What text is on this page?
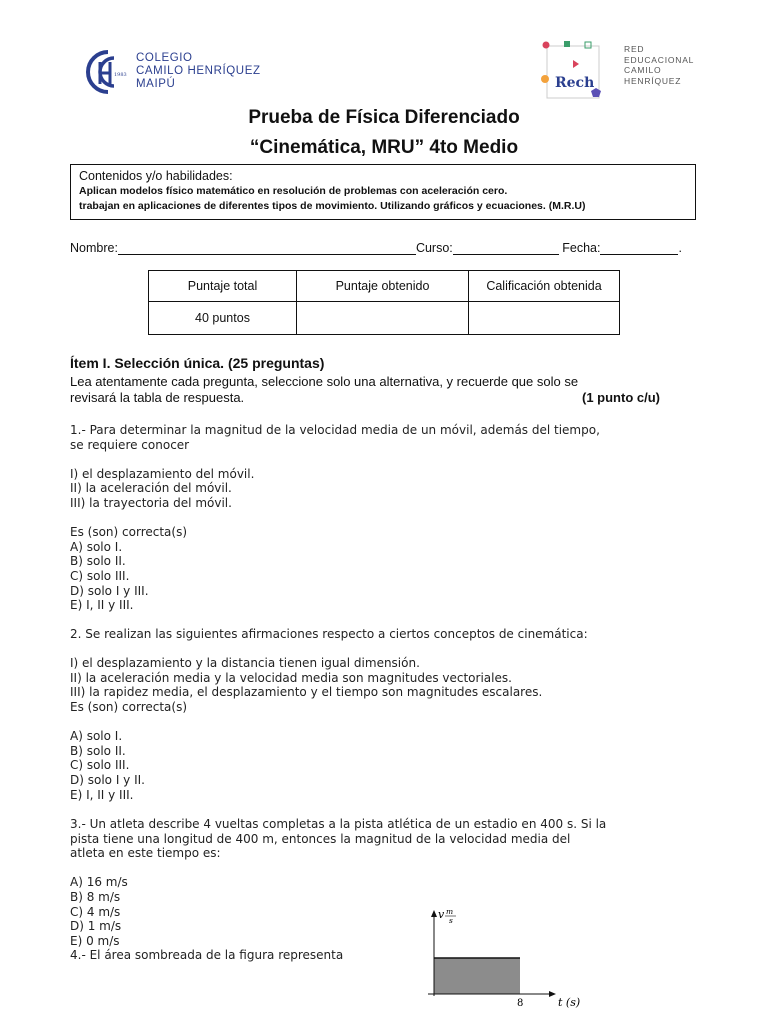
1983
COLEGIO
CAMILO HENRÍQUEZ
MAIPÚ	Rech
RED
EDUCACIONAL
CAMILO
HENRÍQUEZ
Prueba de Física Diferenciado
“Cinemática, MRU” 4to Medio
Contenidos y/o habilidades:
Aplican modelos físico matemático en resolución de problemas con aceleración cero.
trabajan en aplicaciones de diferentes tipos de movimiento. Utilizando gráficos y ecuaciones. (M.R.U)
Nombre:	Curso:	Fecha:	.
Puntaje total	Puntaje obtenido	Calificación obtenida
40 puntos		
Ítem I. Selección única. (25 preguntas)
Lea atentamente cada pregunta, seleccione solo una alternativa, y recuerde que solo se
revisará la tabla de respuesta.	(1 punto c/u)
1.- Para determinar la magnitud de la velocidad media de un móvil, además del tiempo,
se requiere conocer

I) el desplazamiento del móvil.
II) la aceleración del móvil.
III) la trayectoria del móvil.

Es (son) correcta(s)
A) solo I.
B) solo II.
C) solo III.
D) solo I y III.
E) I, II y III.
2. Se realizan las siguientes afirmaciones respecto a ciertos conceptos de cinemática:

I) el desplazamiento y la distancia tienen igual dimensión.
II) la aceleración media y la velocidad media son magnitudes vectoriales.
III) la rapidez media, el desplazamiento y el tiempo son magnitudes escalares.
Es (son) correcta(s)

A) solo I.
B) solo II.
C) solo III.
D) solo I y II.
E) I, II y III.
3.- Un atleta describe 4 vueltas completas a la pista atlética de un estadio en 400 s. Si la
pista tiene una longitud de 400 m, entonces la magnitud de la velocidad media del
atleta en este tiempo es:

A) 16 m/s
B) 8 m/s
C) 4 m/s
D) 1 m/s
E) 0 m/s
4.- El área sombreada de la figura representa
v m
s
8	t (s)
